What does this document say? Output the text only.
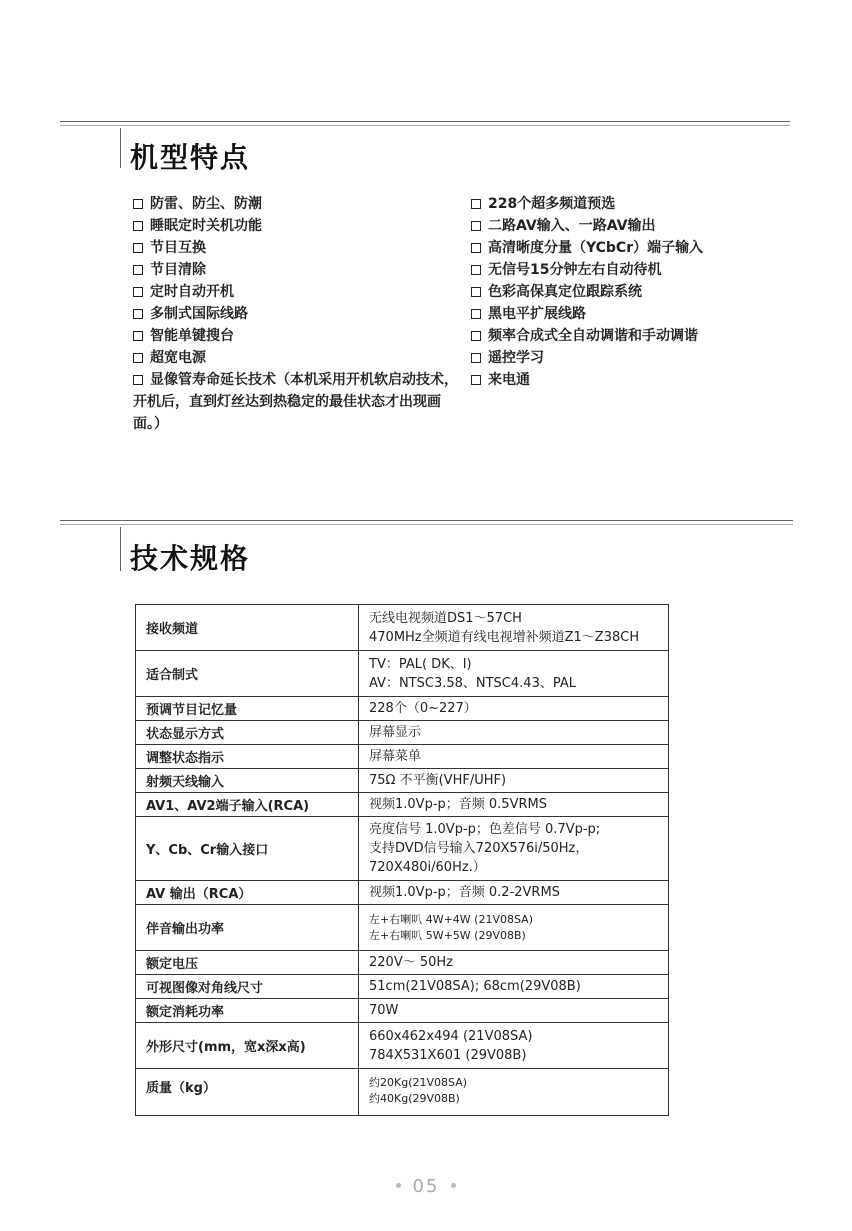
机型特点
防雷、防尘、防潮
睡眠定时关机功能
节目互换
节目清除
定时自动开机
多制式国际线路
智能单键搜台
超宽电源
显像管寿命延长技术（本机采用开机软启动技术，开机后，直到灯丝达到热稳定的最佳状态才出现画面。）
228个超多频道预选
二路AV输入、一路AV输出
高清晰度分量（YCbCr）端子输入
无信号15分钟左右自动待机
色彩高保真定位跟踪系统
黑电平扩展线路
频率合成式全自动调谐和手动调谐
遥控学习
来电通
技术规格
接收频道	无线电视频道DS1～57CH
470MHz全频道有线电视增补频道Z1～Z38CH

适合制式	TV：PAL( DK、I)
AV：NTSC3.58、NTSC4.43、PAL

预调节目记忆量	228个（0~227）

状态显示方式	屏幕显示

调整状态指示	屏幕菜单

射频天线输入	75Ω 不平衡(VHF/UHF)

AV1、AV2端子输入(RCA)	视频1.0Vp-p；音频 0.5VRMS

Y、Cb、Cr输入接口	亮度信号 1.0Vp-p；色差信号 0.7Vp-p;
支持DVD信号输入720X576i/50Hz，
720X480i/60Hz.）

AV 输出（RCA）	视频1.0Vp-p；音频 0.2-2VRMS

伴音输出功率	左+右喇叭 4W+4W (21V08SA)
左+右喇叭 5W+5W (29V08B)

额定电压	220V～ 50Hz

可视图像对角线尺寸	51cm(21V08SA); 68cm(29V08B)

额定消耗功率	70W

外形尺寸(mm，宽x深x高)	660x462x494 (21V08SA)
784X531X601 (29V08B)

质量（kg）	约20Kg(21V08SA)
约40Kg(29V08B)
05
